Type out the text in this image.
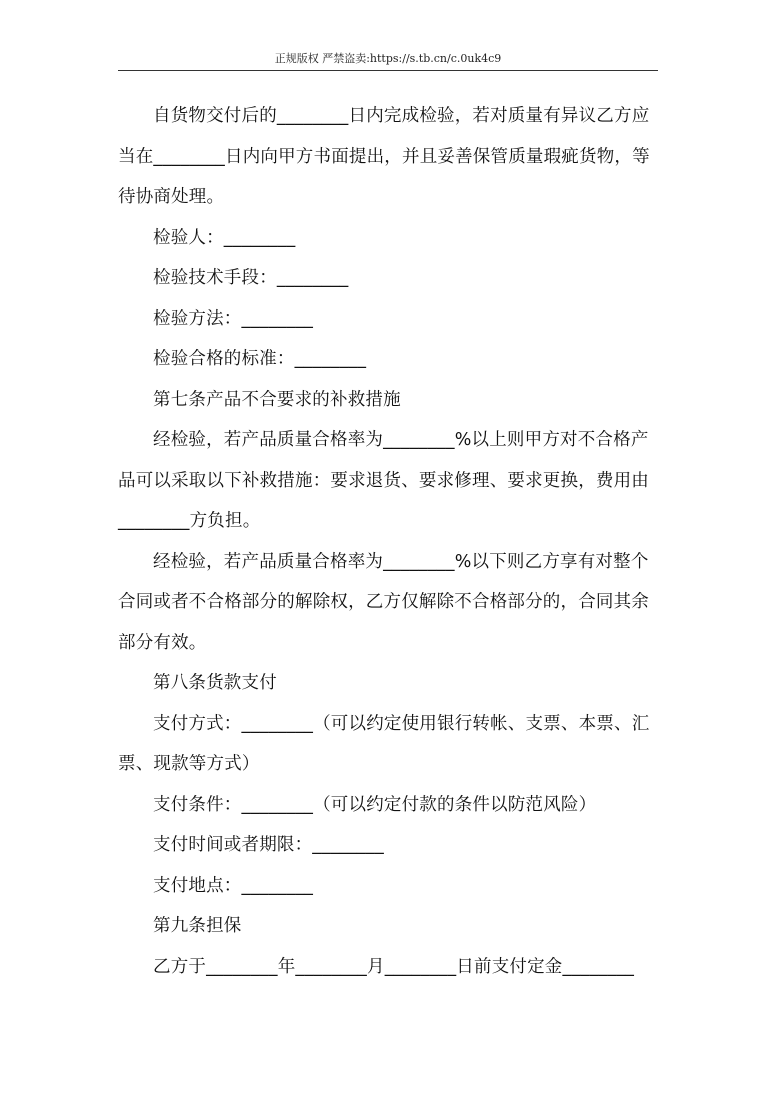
正规版权 严禁盗卖:https://s.tb.cn/c.0uk4c9

自货物交付后的________日内完成检验，若对质量有异议乙方应当在________日内向甲方书面提出，并且妥善保管质量瑕疵货物，等待协商处理。

检验人：________

检验技术手段：________

检验方法：________

检验合格的标准：________

第七条产品不合要求的补救措施

经检验，若产品质量合格率为________%以上则甲方对不合格产品可以采取以下补救措施：要求退货、要求修理、要求更换，费用由________方负担。

经检验，若产品质量合格率为________%以下则乙方享有对整个合同或者不合格部分的解除权，乙方仅解除不合格部分的，合同其余部分有效。

第八条货款支付

支付方式：________（可以约定使用银行转帐、支票、本票、汇票、现款等方式）

支付条件：________（可以约定付款的条件以防范风险）

支付时间或者期限：________

支付地点：________

第九条担保

乙方于________年________月________日前支付定金________
